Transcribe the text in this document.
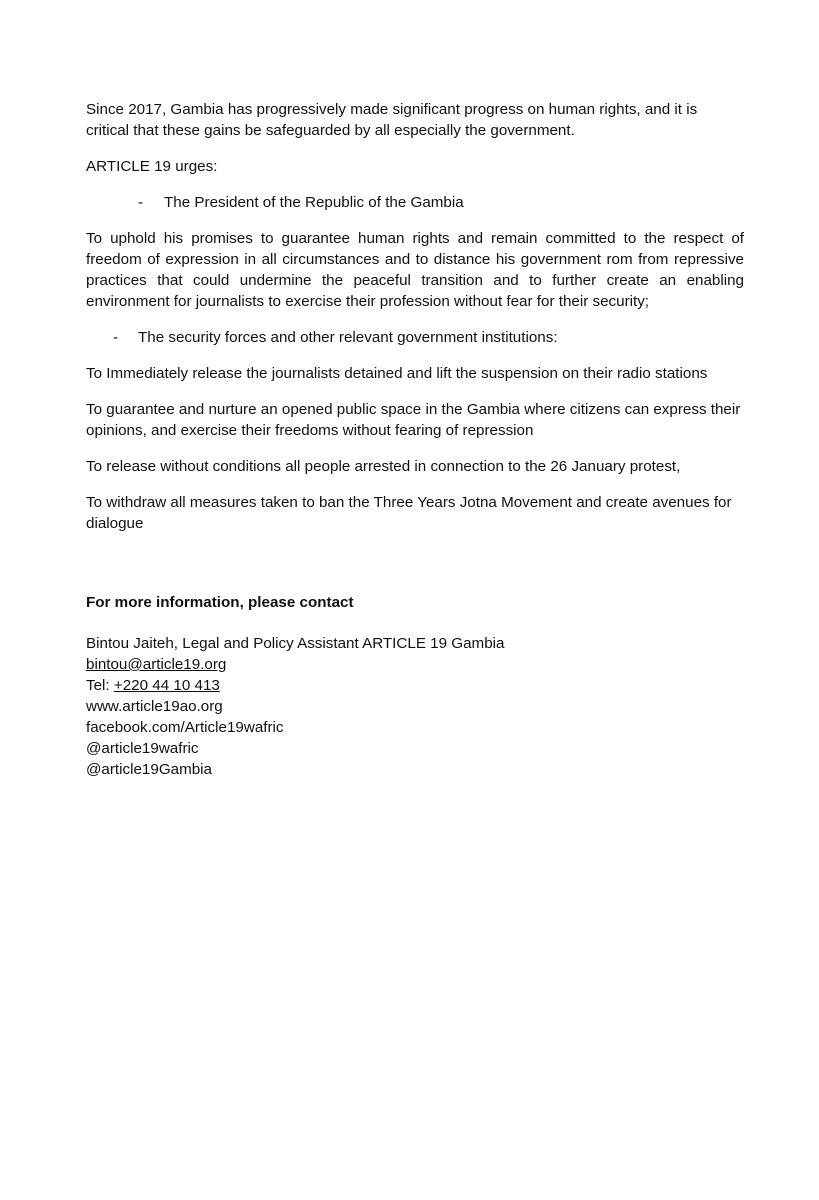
Since 2017, Gambia has progressively made significant progress on human rights, and it is critical that these gains be safeguarded by all especially the government.

ARTICLE 19 urges:

- The President of the Republic of the Gambia

To uphold his promises to guarantee human rights and remain committed to the respect of freedom of expression in all circumstances and to distance his government rom from repressive practices that could undermine the peaceful transition and to further create an enabling environment for journalists to exercise their profession without fear for their security;

- The security forces and other relevant government institutions:

To Immediately release the journalists detained and lift the suspension on their radio stations

To guarantee and nurture an opened public space in the Gambia where citizens can express their opinions, and exercise their freedoms without fearing of repression

To release without conditions all people arrested in connection to the 26 January protest,

To withdraw all measures taken to ban the Three Years Jotna Movement and create avenues for dialogue

For more information, please contact

Bintou Jaiteh, Legal and Policy Assistant ARTICLE 19 Gambia
bintou@article19.org
Tel: +220 44 10 413
www.article19ao.org
facebook.com/Article19wafric
@article19wafric
@article19Gambia
